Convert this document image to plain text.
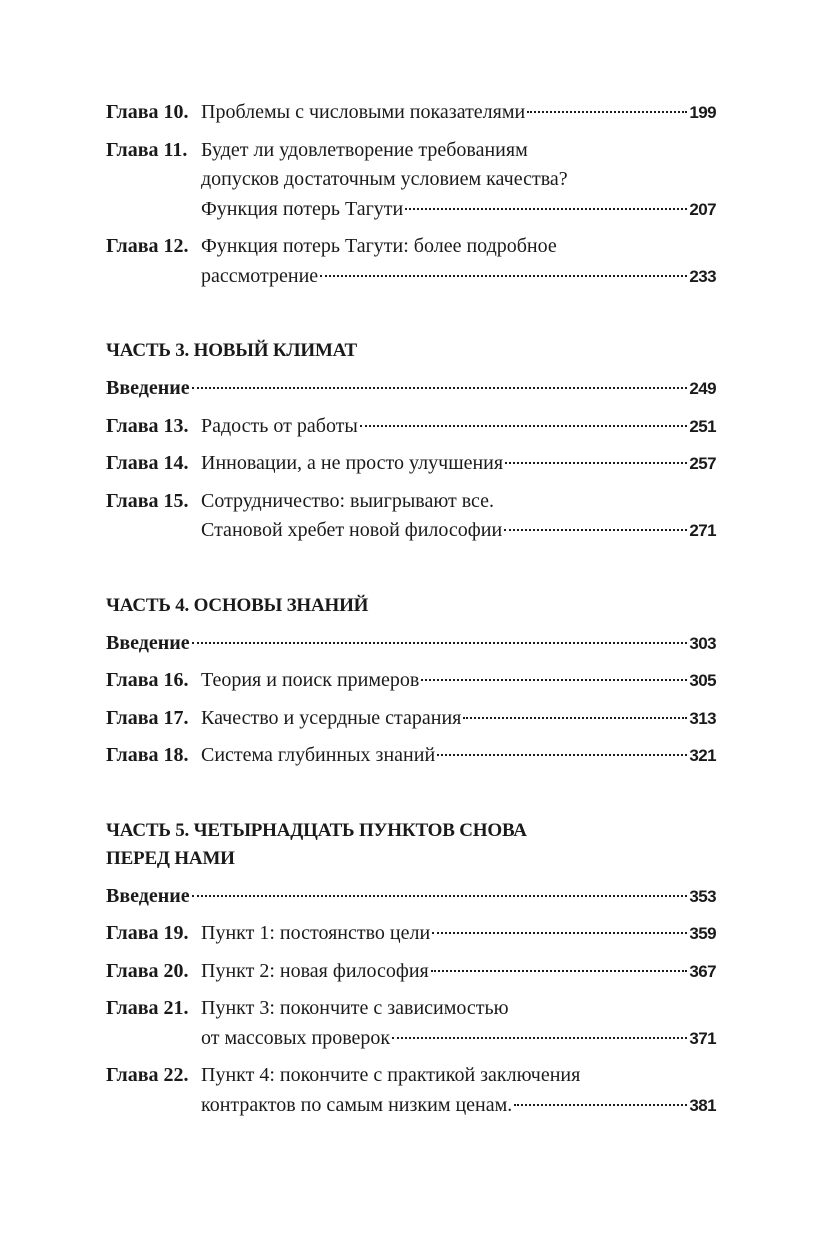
Глава 10. Проблемы с числовыми показателями	199
Глава 11. Будет ли удовлетворение требованиям
допусков достаточным условием качества?
Функция потерь Тагути	207
Глава 12. Функция потерь Тагути: более подробное
рассмотрение	233
ЧАСТЬ 3. НОВЫЙ КЛИМАТ
Введение	249
Глава 13. Радость от работы	251
Глава 14. Инновации, а не просто улучшения	257
Глава 15. Сотрудничество: выигрывают все.
Становой хребет новой философии	271
ЧАСТЬ 4. ОСНОВЫ ЗНАНИЙ
Введение	303
Глава 16. Теория и поиск примеров	305
Глава 17. Качество и усердные старания	313
Глава 18. Система глубинных знаний	321
ЧАСТЬ 5. ЧЕТЫРНАДЦАТЬ ПУНКТОВ СНОВА
ПЕРЕД НАМИ
Введение	353
Глава 19. Пункт 1: постоянство цели	359
Глава 20. Пункт 2: новая философия	367
Глава 21. Пункт 3: покончите с зависимостью
от массовых проверок	371
Глава 22. Пункт 4: покончите с практикой заключения
контрактов по самым низким ценам.	381
